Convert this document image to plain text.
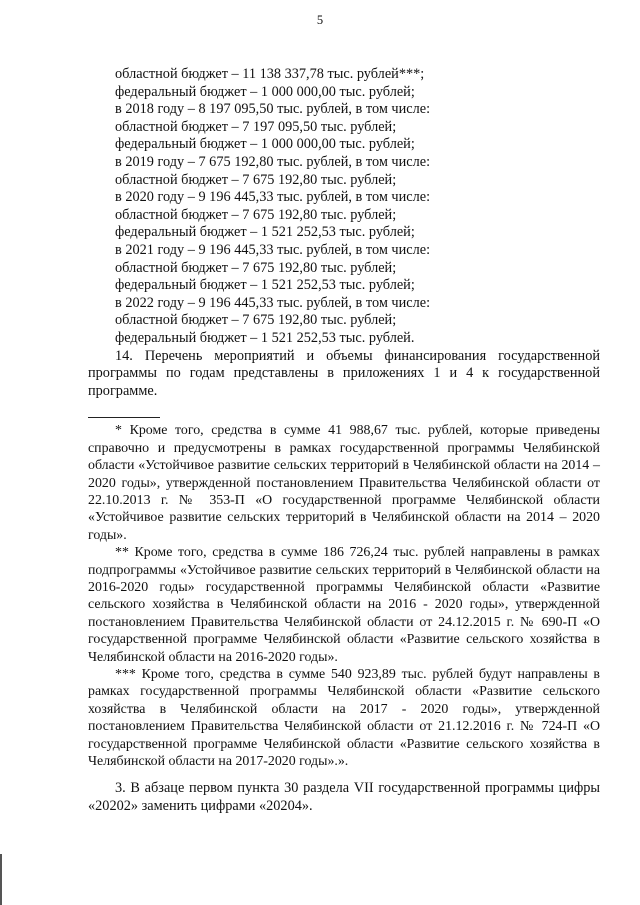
5
областной бюджет – 11 138 337,78 тыс. рублей***;
федеральный бюджет – 1 000 000,00 тыс. рублей;
в 2018 году – 8 197 095,50 тыс. рублей, в том числе:
областной бюджет – 7 197 095,50 тыс. рублей;
федеральный бюджет – 1 000 000,00 тыс. рублей;
в 2019 году – 7 675 192,80 тыс. рублей, в том числе:
областной бюджет – 7 675 192,80 тыс. рублей;
в 2020 году – 9 196 445,33 тыс. рублей, в том числе:
областной бюджет – 7 675 192,80 тыс. рублей;
федеральный бюджет – 1 521 252,53 тыс. рублей;
в 2021 году – 9 196 445,33 тыс. рублей, в том числе:
областной бюджет – 7 675 192,80 тыс. рублей;
федеральный бюджет – 1 521 252,53 тыс. рублей;
в 2022 году – 9 196 445,33 тыс. рублей, в том числе:
областной бюджет – 7 675 192,80 тыс. рублей;
федеральный бюджет – 1 521 252,53 тыс. рублей.

14. Перечень мероприятий и объемы финансирования государственной программы по годам представлены в приложениях 1 и 4 к государственной программе.

* Кроме того, средства в сумме 41 988,67 тыс. рублей, которые приведены справочно и предусмотрены в рамках государственной программы Челябинской области «Устойчивое развитие сельских территорий в Челябинской области на 2014 – 2020 годы», утвержденной постановлением Правительства Челябинской области от 22.10.2013 г. № 353-П «О государственной программе Челябинской области «Устойчивое развитие сельских территорий в Челябинской области на 2014 – 2020 годы».

** Кроме того, средства в сумме 186 726,24 тыс. рублей направлены в рамках подпрограммы «Устойчивое развитие сельских территорий в Челябинской области на 2016-2020 годы» государственной программы Челябинской области «Развитие сельского хозяйства в Челябинской области на 2016 - 2020 годы», утвержденной постановлением Правительства Челябинской области от 24.12.2015 г. № 690-П «О государственной программе Челябинской области «Развитие сельского хозяйства в Челябинской области на 2016-2020 годы».

*** Кроме того, средства в сумме 540 923,89 тыс. рублей будут направлены в рамках государственной программы Челябинской области «Развитие сельского хозяйства в Челябинской области на 2017 - 2020 годы», утвержденной постановлением Правительства Челябинской области от 21.12.2016 г. № 724-П «О государственной программе Челябинской области «Развитие сельского хозяйства в Челябинской области на 2017-2020 годы».».

3. В абзаце первом пункта 30 раздела VII государственной программы цифры «20202» заменить цифрами «20204».
